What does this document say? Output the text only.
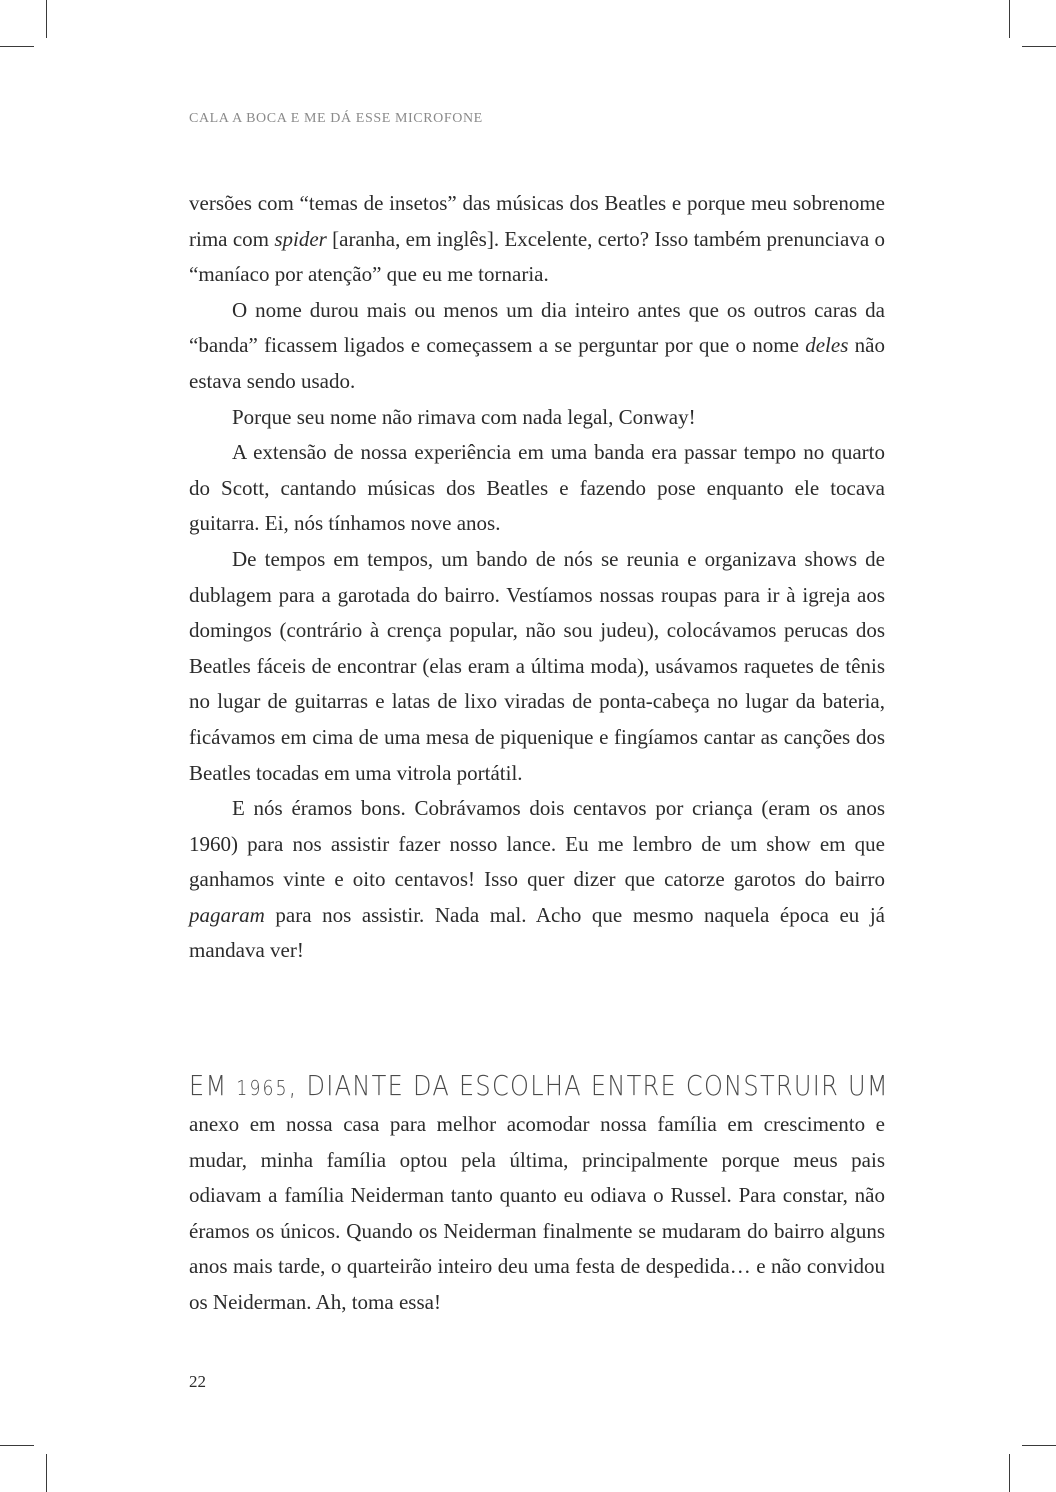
CALA A BOCA E ME DÁ ESSE MICROFONE

versões com “temas de insetos” das músicas dos Beatles e porque meu sobrenome rima com spider [aranha, em inglês]. Excelente, certo? Isso também prenunciava o “maníaco por atenção” que eu me tornaria.

O nome durou mais ou menos um dia inteiro antes que os outros caras da “banda” ficassem ligados e começassem a se perguntar por que o nome deles não estava sendo usado.

Porque seu nome não rimava com nada legal, Conway!

A extensão de nossa experiência em uma banda era passar tempo no quarto do Scott, cantando músicas dos Beatles e fazendo pose enquanto ele tocava guitarra. Ei, nós tínhamos nove anos.

De tempos em tempos, um bando de nós se reunia e organizava shows de dublagem para a garotada do bairro. Vestíamos nossas roupas para ir à igreja aos domingos (contrário à crença popular, não sou judeu), colocávamos perucas dos Beatles fáceis de encontrar (elas eram a última moda), usávamos raquetes de tênis no lugar de guitarras e latas de lixo viradas de ponta-cabeça no lugar da bateria, ficávamos em cima de uma mesa de piquenique e fingíamos cantar as canções dos Beatles tocadas em uma vitrola portátil.

E nós éramos bons. Cobrávamos dois centavos por criança (eram os anos 1960) para nos assistir fazer nosso lance. Eu me lembro de um show em que ganhamos vinte e oito centavos! Isso quer dizer que catorze garotos do bairro pagaram para nos assistir. Nada mal. Acho que mesmo naquela época eu já mandava ver!

EM 1965, DIANTE DA ESCOLHA ENTRE CONSTRUIR UM

anexo em nossa casa para melhor acomodar nossa família em crescimento e mudar, minha família optou pela última, principalmente porque meus pais odiavam a família Neiderman tanto quanto eu odiava o Russel. Para constar, não éramos os únicos. Quando os Neiderman finalmente se mudaram do bairro alguns anos mais tarde, o quarteirão inteiro deu uma festa de despedida… e não convidou os Neiderman. Ah, toma essa!

22
